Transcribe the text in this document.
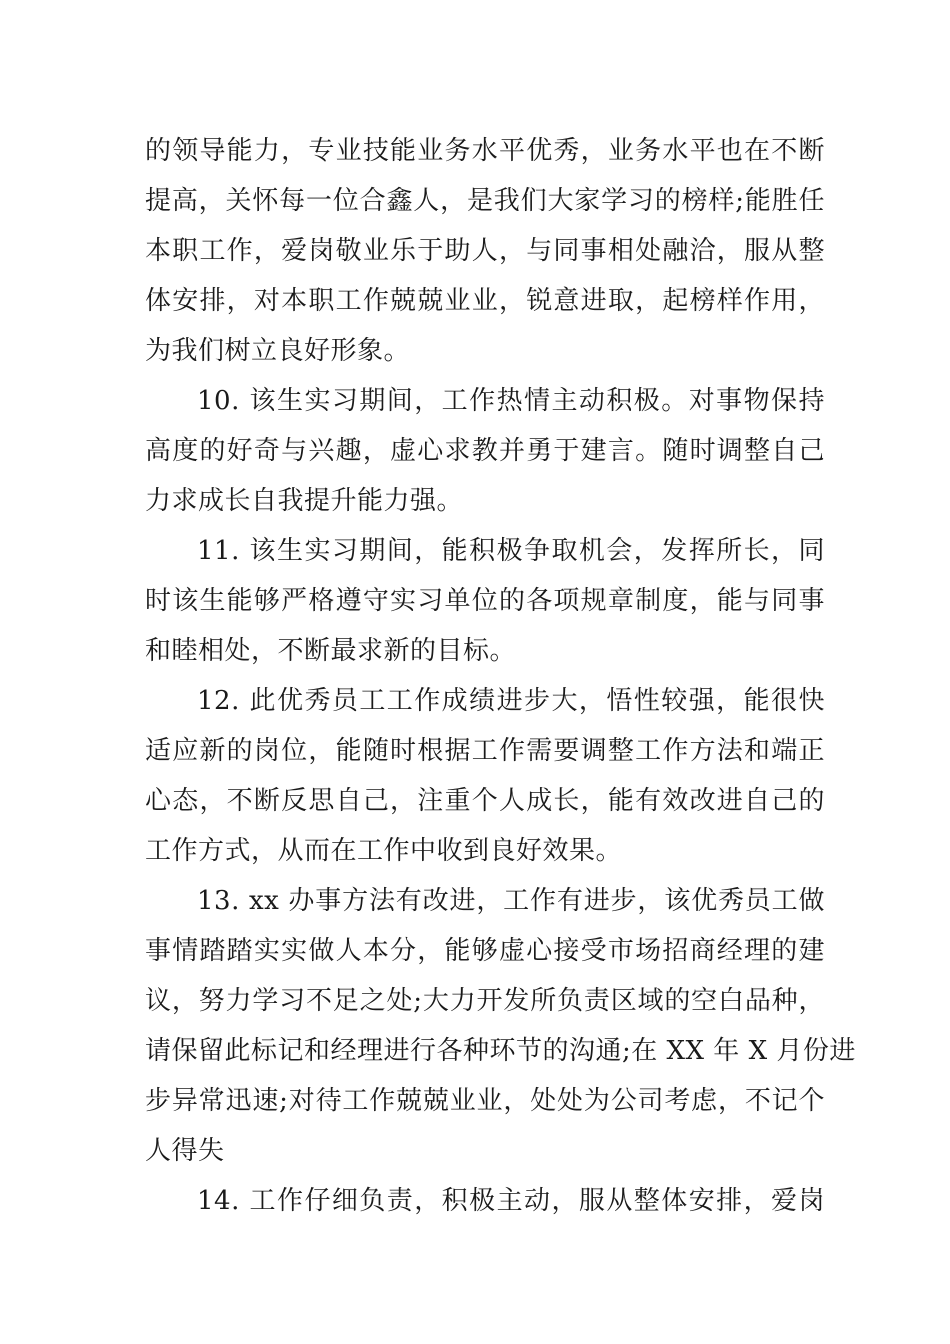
的领导能力，专业技能业务水平优秀，业务水平也在不断
提高，关怀每一位合鑫人，是我们大家学习的榜样;能胜任
本职工作，爱岗敬业乐于助人，与同事相处融洽，服从整
体安排，对本职工作兢兢业业，锐意进取，起榜样作用，
为我们树立良好形象。
10. 该生实习期间，工作热情主动积极。对事物保持
高度的好奇与兴趣，虚心求教并勇于建言。随时调整自己
力求成长自我提升能力强。
11. 该生实习期间，能积极争取机会，发挥所长，同
时该生能够严格遵守实习单位的各项规章制度，能与同事
和睦相处，不断最求新的目标。
12. 此优秀员工工作成绩进步大，悟性较强，能很快
适应新的岗位，能随时根据工作需要调整工作方法和端正
心态，不断反思自己，注重个人成长，能有效改进自己的
工作方式，从而在工作中收到良好效果。
13. xx 办事方法有改进，工作有进步，该优秀员工做
事情踏踏实实做人本分，能够虚心接受市场招商经理的建
议，努力学习不足之处;大力开发所负责区域的空白品种，
请保留此标记和经理进行各种环节的沟通;在 XX 年 X 月份进
步异常迅速;对待工作兢兢业业，处处为公司考虑，不记个
人得失
14. 工作仔细负责，积极主动，服从整体安排，爱岗
